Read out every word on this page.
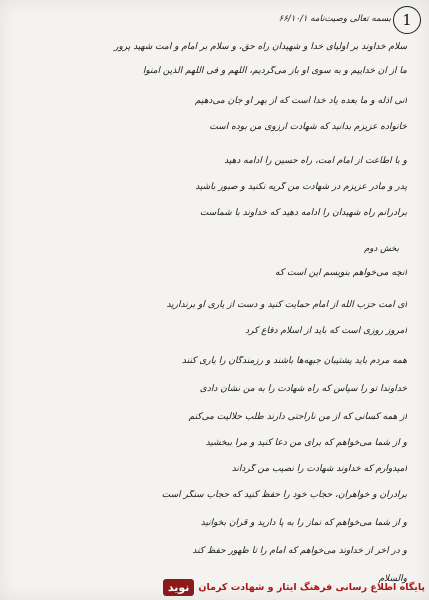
1
بسمه تعالی وصیت‌نامه ۶۶/۱۰/۱
سلام خداوند بر اولیای خدا و شهیدان راه حق، و سلام بر امام و امت شهید پرور
ما از آن خداییم و به سوی او باز می‌گردیم، اللهم و فی اللهم الذین آمنوا
انی اذله و ما بعده یاد خدا است که از بهر او جان می‌دهیم
خانواده عزیزم بدانید که شهادت آرزوی من بوده است
و با اطاعت از امام امت، راه حسین را ادامه دهید
پدر و مادر عزیزم در شهادت من گریه نکنید و صبور باشید
برادرانم راه شهیدان را ادامه دهید که خداوند با شماست
بخش دوم
آنچه می‌خواهم بنویسم این است که
ای امت حزب الله از امام حمایت کنید و دست از یاری او برندارید
امروز روزی است که باید از اسلام دفاع کرد
همه مردم باید پشتیبان جبهه‌ها باشند و رزمندگان را یاری کنند
خداوندا تو را سپاس که راه شهادت را به من نشان دادی
از همه کسانی که از من ناراحتی دارند طلب حلالیت می‌کنم
و از شما می‌خواهم که برای من دعا کنید و مرا ببخشید
امیدوارم که خداوند شهادت را نصیب من گرداند
برادران و خواهران، حجاب خود را حفظ کنید که حجاب سنگر است
و از شما می‌خواهم که نماز را به پا دارید و قرآن بخوانید
و در آخر از خداوند می‌خواهم که امام را تا ظهور حفظ کند
والسلام
پایگاه اطلاع رسانی فرهنگ ایثار و شهادت کرمان
نوید
